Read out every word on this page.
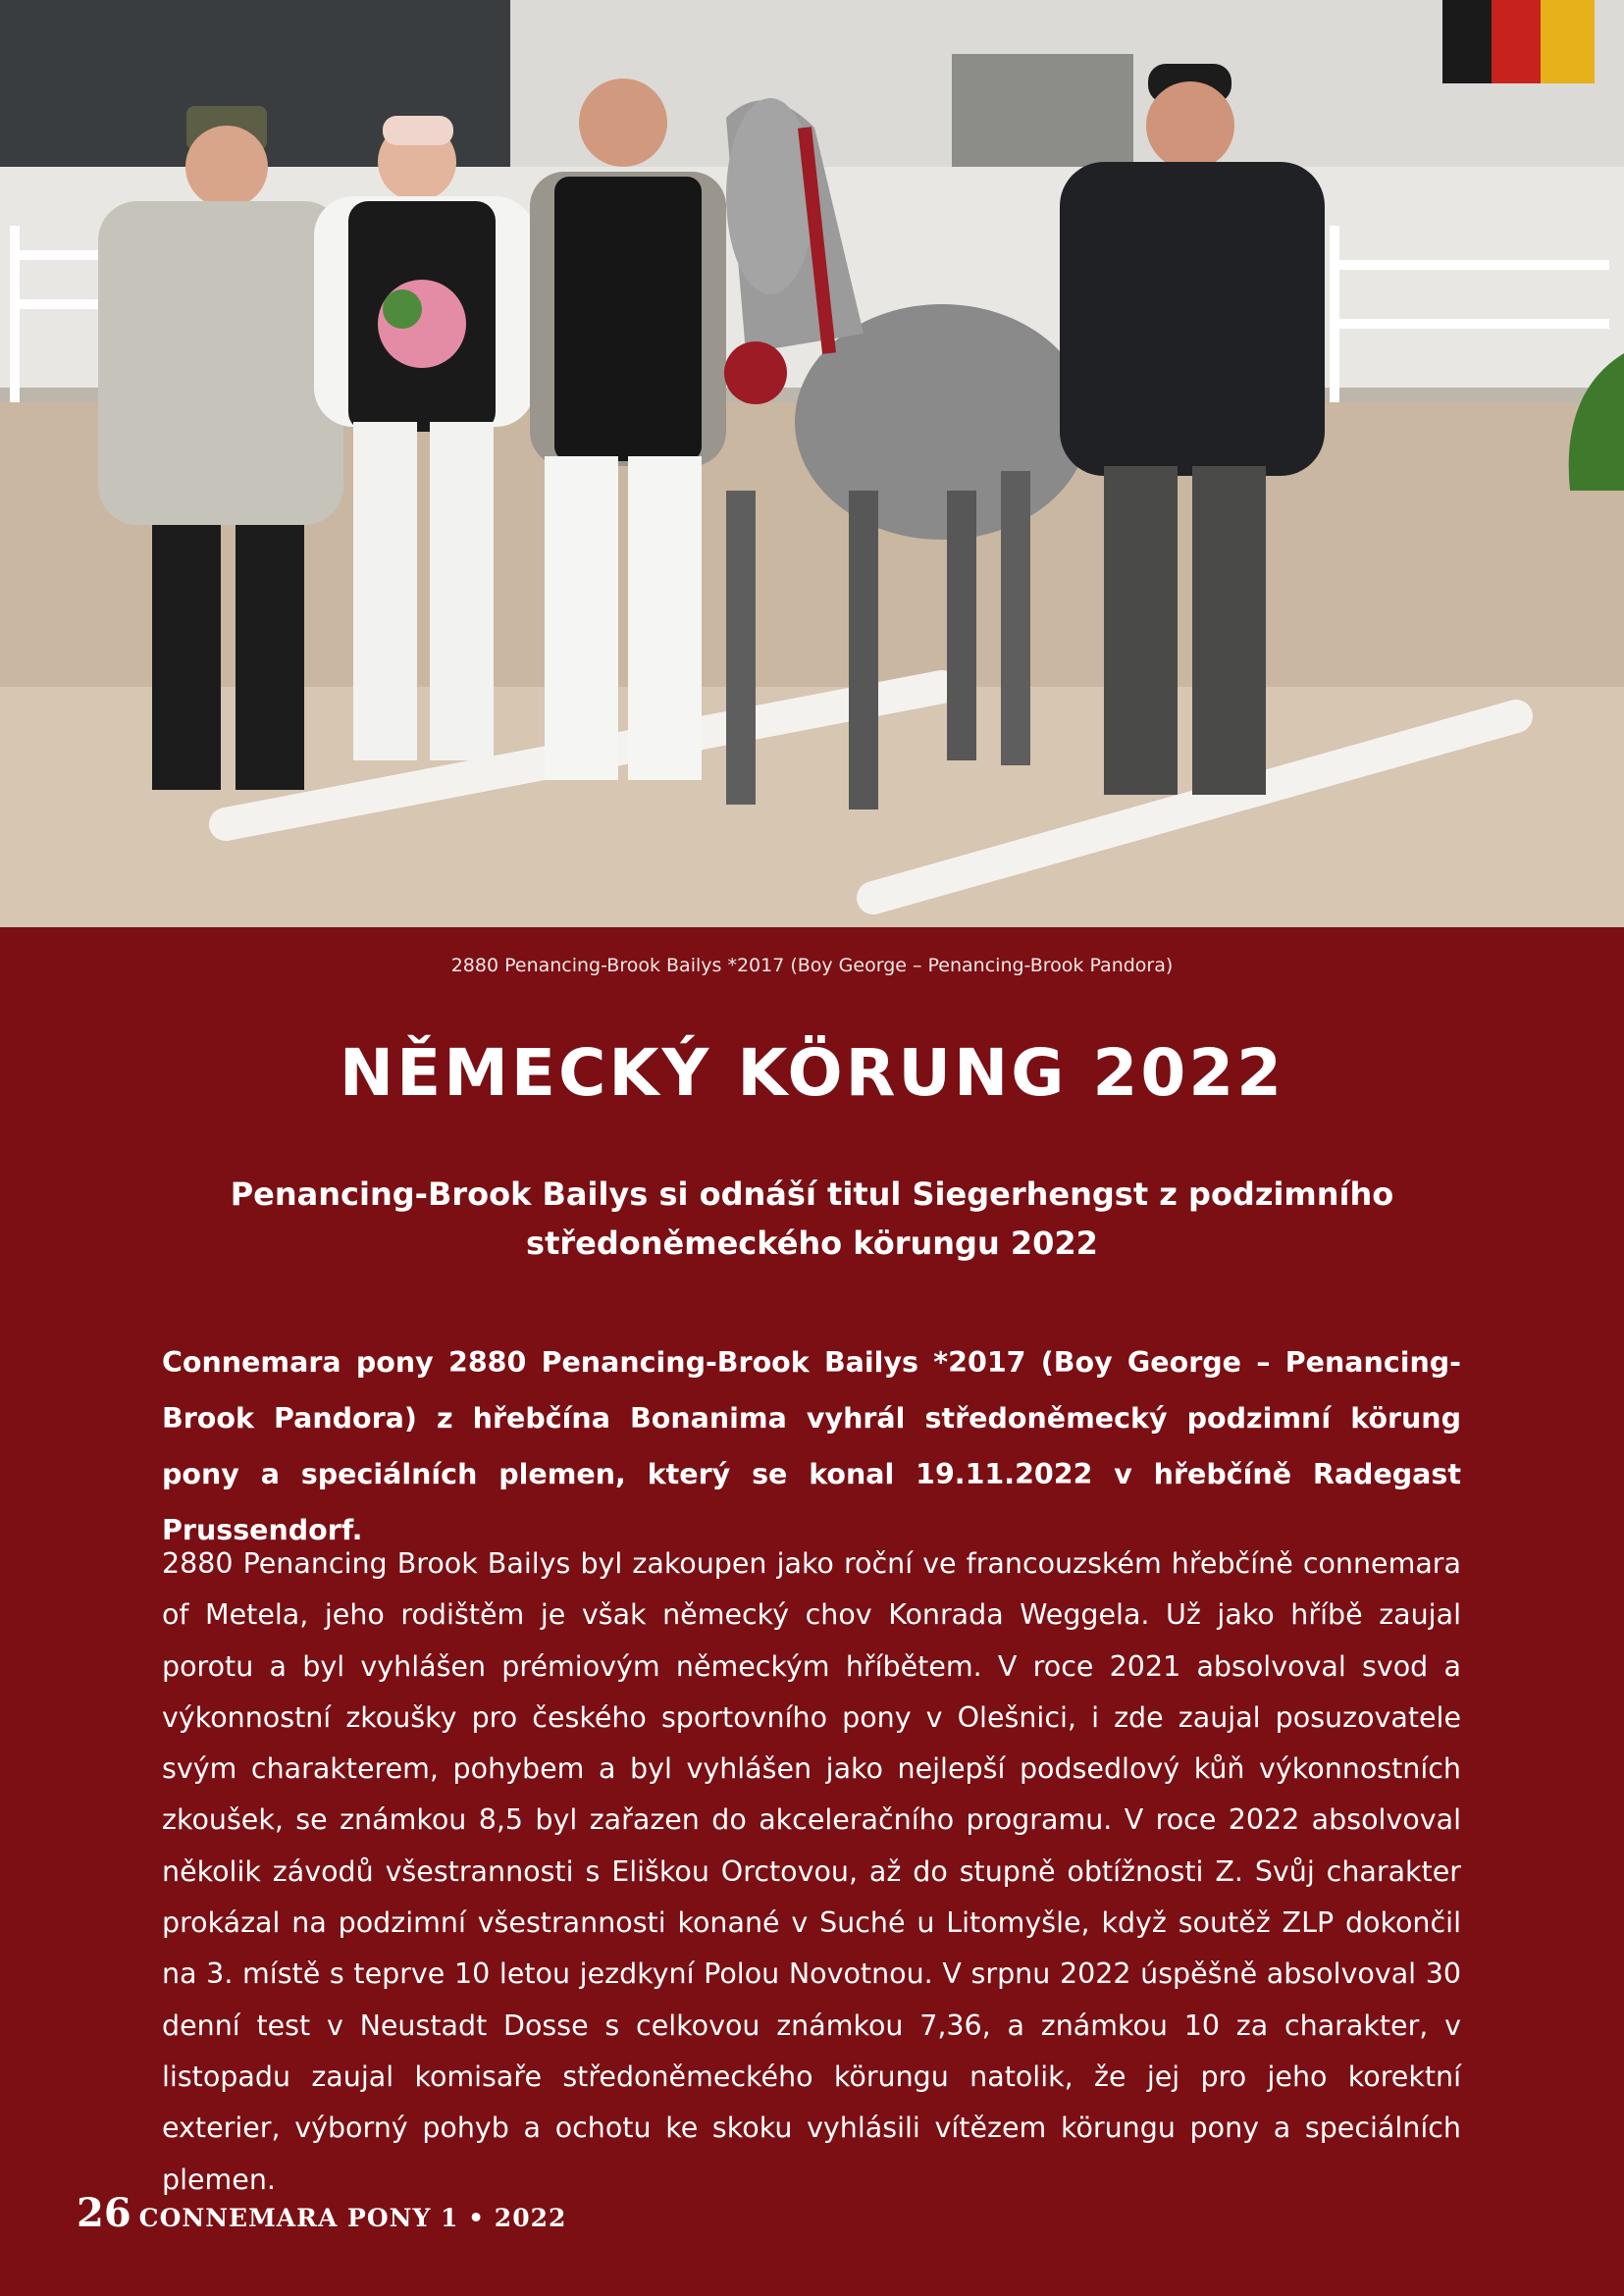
2880 Penancing-Brook Bailys *2017 (Boy George – Penancing-Brook Pandora)
NĚMECKÝ KÖRUNG 2022
Penancing-Brook Bailys si odnáší titul Siegerhengst z podzimního středoněmeckého körungu 2022
Connemara pony 2880 Penancing-Brook Bailys *2017 (Boy George – Penancing-Brook Pandora) z hřebčína Bonanima vyhrál středoněmecký podzimní körung pony a speciálních plemen, který se konal 19.11.2022 v hřebčíně Radegast Prussendorf.
2880 Penancing Brook Bailys byl zakoupen jako roční ve francouzském hřebčíně connemara of Metela, jeho rodištěm je však německý chov Konrada Weggela. Už jako hříbě zaujal porotu a byl vyhlášen prémiovým německým hříbětem. V roce 2021 absolvoval svod a výkonnostní zkoušky pro českého sportovního pony v Olešnici, i zde zaujal posuzovatele svým charakterem, pohybem a byl vyhlášen jako nejlepší podsedlový kůň výkonnostních zkoušek, se známkou 8,5 byl zařazen do akceleračního programu. V roce 2022 absolvoval několik závodů všestrannosti s Eliškou Orctovou, až do stupně obtížnosti Z. Svůj charakter prokázal na podzimní všestrannosti konané v Suché u Litomyšle, když soutěž ZLP dokončil na 3. místě s teprve 10 letou jezdkyní Polou Novotnou. V srpnu 2022 úspěšně absolvoval 30 denní test v Neustadt Dosse s celkovou známkou 7,36, a známkou 10 za charakter, v listopadu zaujal komisaře středoněmeckého körungu natolik, že jej pro jeho korektní exterier, výborný pohyb a ochotu ke skoku vyhlásili vítězem körungu pony a speciálních plemen.
26 CONNEMARA PONY 1 • 2022
